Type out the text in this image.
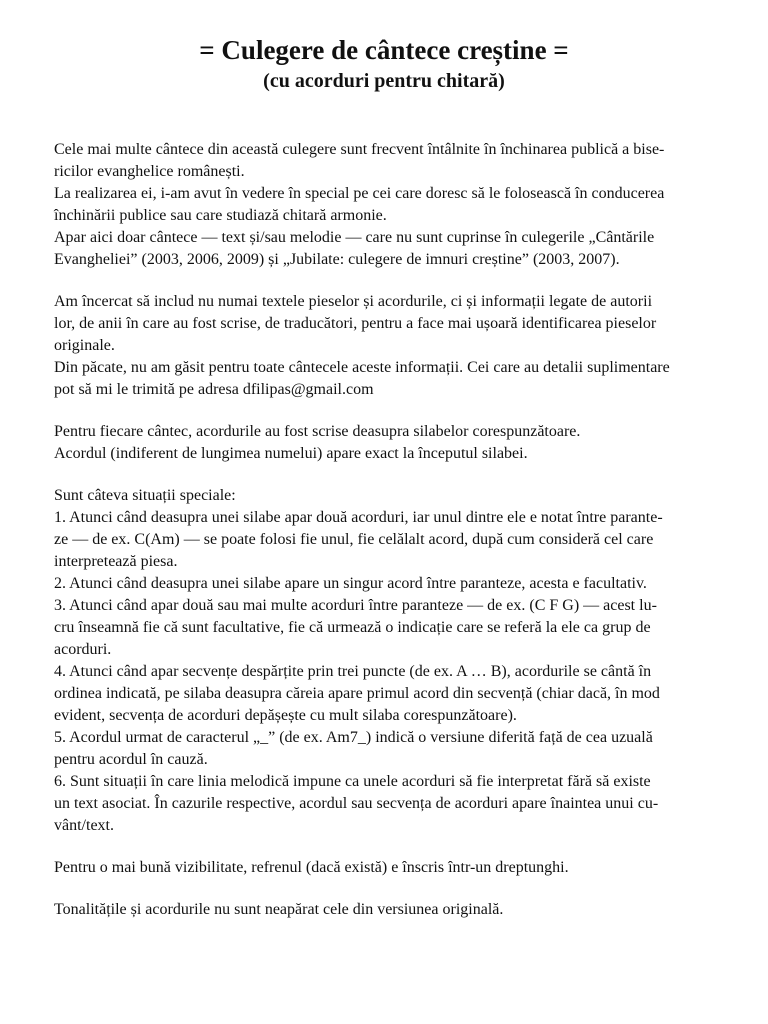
= Culegere de cântece creștine =
(cu acorduri pentru chitară)
Cele mai multe cântece din această culegere sunt frecvent întâlnite în închinarea publică a bise-
ricilor evanghelice românești.
La realizarea ei, i-am avut în vedere în special pe cei care doresc să le folosească în conducerea
închinării publice sau care studiază chitară armonie.
Apar aici doar cântece — text și/sau melodie — care nu sunt cuprinse în culegerile „Cântările
Evangheliei” (2003, 2006, 2009) și „Jubilate: culegere de imnuri creștine” (2003, 2007).
Am încercat să includ nu numai textele pieselor și acordurile, ci și informații legate de autorii
lor, de anii în care au fost scrise, de traducători, pentru a face mai ușoară identificarea pieselor
originale.
Din păcate, nu am găsit pentru toate cântecele aceste informații. Cei care au detalii suplimentare
pot să mi le trimită pe adresa dfilipas@gmail.com
Pentru fiecare cântec, acordurile au fost scrise deasupra silabelor corespunzătoare.
Acordul (indiferent de lungimea numelui) apare exact la începutul silabei.
Sunt câteva situații speciale:
1. Atunci când deasupra unei silabe apar două acorduri, iar unul dintre ele e notat între parante-
ze — de ex. C(Am) — se poate folosi fie unul, fie celălalt acord, după cum consideră cel care
interpretează piesa.
2. Atunci când deasupra unei silabe apare un singur acord între paranteze, acesta e facultativ.
3. Atunci când apar două sau mai multe acorduri între paranteze — de ex. (C F G) — acest lu-
cru înseamnă fie că sunt facultative, fie că urmează o indicație care se referă la ele ca grup de
acorduri.
4. Atunci când apar secvențe despărțite prin trei puncte (de ex. A … B), acordurile se cântă în
ordinea indicată, pe silaba deasupra căreia apare primul acord din secvență (chiar dacă, în mod
evident, secvența de acorduri depășește cu mult silaba corespunzătoare).
5. Acordul urmat de caracterul „_” (de ex. Am7_) indică o versiune diferită față de cea uzuală
pentru acordul în cauză.
6. Sunt situații în care linia melodică impune ca unele acorduri să fie interpretat fără să existe
un text asociat. În cazurile respective, acordul sau secvența de acorduri apare înaintea unui cu-
vânt/text.
Pentru o mai bună vizibilitate, refrenul (dacă există) e înscris într-un dreptunghi.
Tonalitățile și acordurile nu sunt neapărat cele din versiunea originală.
